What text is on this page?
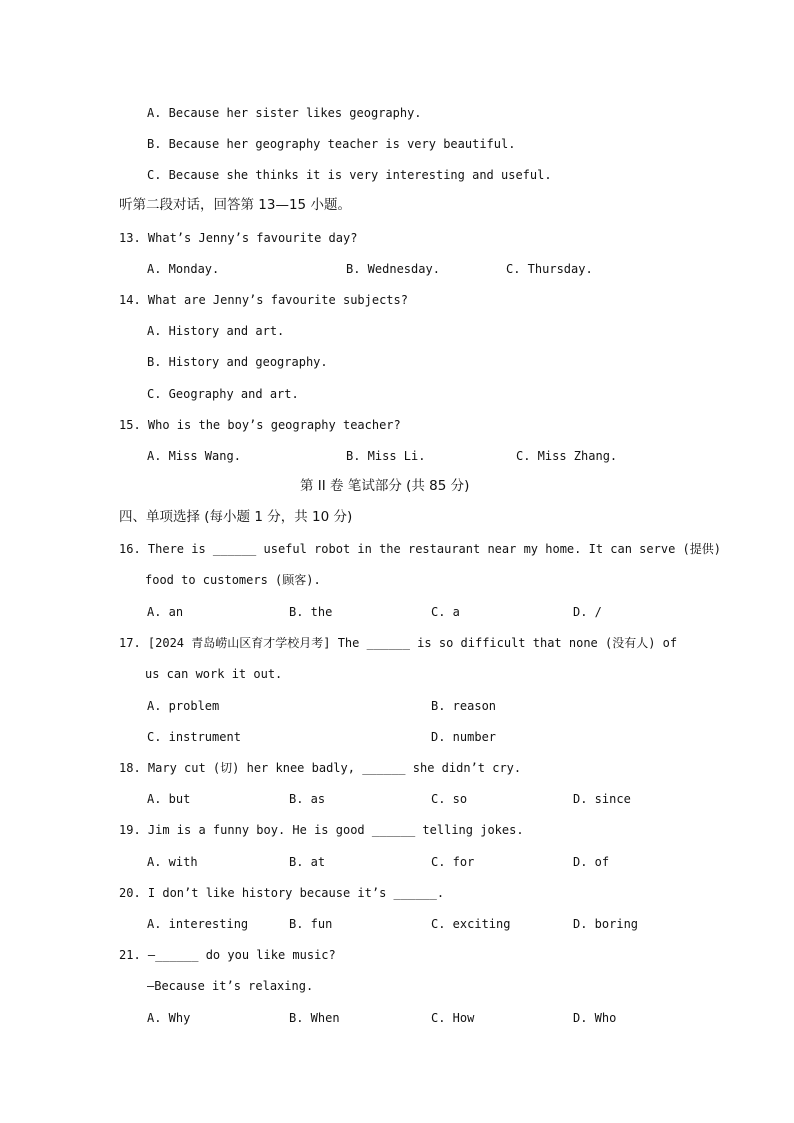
A. Because her sister likes geography.
B. Because her geography teacher is very beautiful.
C. Because she thinks it is very interesting and useful.
听第二段对话，回答第 13—15 小题。
13. What’s Jenny’s favourite day?
A. Monday.	B. Wednesday.	C. Thursday.
14. What are Jenny’s favourite subjects?
A. History and art.
B. History and geography.
C. Geography and art.
15. Who is the boy’s geography teacher?
A. Miss Wang.	B. Miss Li.	C. Miss Zhang.
第 II 卷 笔试部分 (共 85 分)
四、单项选择 (每小题 1 分，共 10 分)
16. There is ______ useful robot in the restaurant near my home. It can serve (提供)
food to customers (顾客).
A. an	B. the	C. a	D. /
17. [2024 青岛崂山区育才学校月考] The ______ is so difficult that none (没有人) of
us can work it out.
A. problem	B. reason
C. instrument	D. number
18. Mary cut (切) her knee badly, ______ she didn’t cry.
A. but	B. as	C. so	D. since
19. Jim is a funny boy. He is good ______ telling jokes.
A. with	B. at	C. for	D. of
20. I don’t like history because it’s ______.
A. interesting	B. fun	C. exciting	D. boring
21. —______ do you like music?
—Because it’s relaxing.
A. Why	B. When	C. How	D. Who
